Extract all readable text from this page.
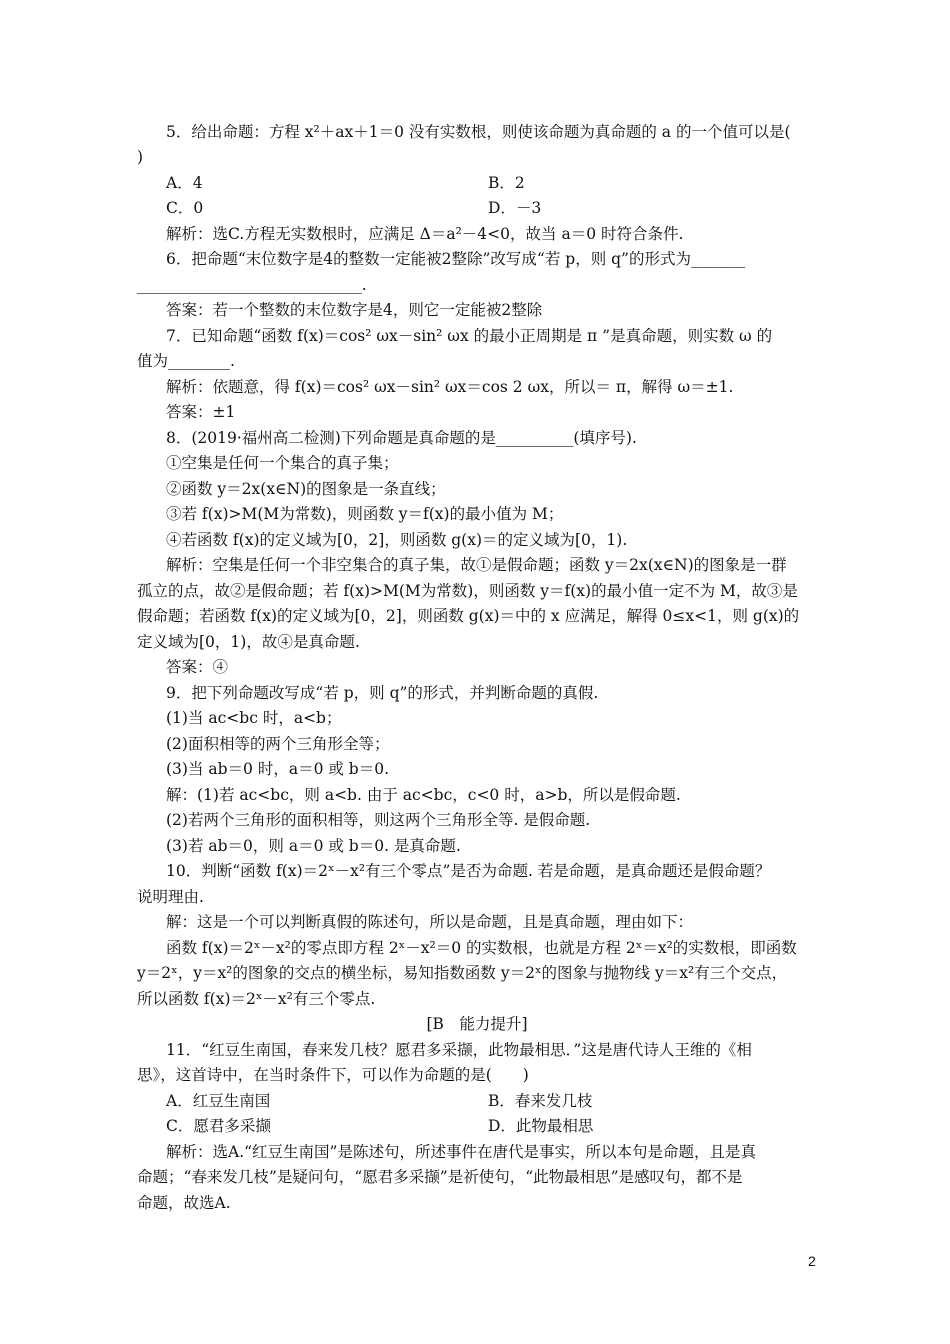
5．给出命题：方程 x²＋ax＋1＝0 没有实数根，则使该命题为真命题的 a 的一个值可以是(
)
A．4	B．2
C．0	D．－3
解析：选C.方程无实数根时，应满足 Δ＝a²－4<0，故当 a＝0 时符合条件.
6．把命题“末位数字是4的整数一定能被2整除”改写成“若 p，则 q”的形式为_______
_____________________________.
答案：若一个整数的末位数字是4，则它一定能被2整除
7．已知命题“函数 f(x)＝cos² ωx－sin² ωx 的最小正周期是 π ”是真命题，则实数 ω 的
值为________.
解析：依题意，得 f(x)＝cos² ωx－sin² ωx＝cos 2 ωx，所以＝ π，解得 ω＝±1.
答案：±1
8．(2019·福州高二检测)下列命题是真命题的是__________(填序号).
①空集是任何一个集合的真子集；
②函数 y＝2x(x∈N)的图象是一条直线；
③若 f(x)>M(M为常数)，则函数 y＝f(x)的最小值为 M；
④若函数 f(x)的定义域为[0，2]，则函数 g(x)＝的定义域为[0，1).
解析：空集是任何一个非空集合的真子集，故①是假命题；函数 y＝2x(x∈N)的图象是一群
孤立的点，故②是假命题；若 f(x)>M(M为常数)，则函数 y＝f(x)的最小值一定不为 M，故③是
假命题；若函数 f(x)的定义域为[0，2]，则函数 g(x)＝中的 x 应满足，解得 0≤x<1，则 g(x)的
定义域为[0，1)，故④是真命题.
答案：④
9．把下列命题改写成“若 p，则 q”的形式，并判断命题的真假.
(1)当 ac<bc 时，a<b；
(2)面积相等的两个三角形全等；
(3)当 ab＝0 时，a＝0 或 b＝0.
解：(1)若 ac<bc，则 a<b. 由于 ac<bc，c<0 时，a>b，所以是假命题.
(2)若两个三角形的面积相等，则这两个三角形全等. 是假命题.
(3)若 ab＝0，则 a＝0 或 b＝0. 是真命题.
10．判断“函数 f(x)＝2ˣ－x²有三个零点”是否为命题. 若是命题，是真命题还是假命题？
说明理由.
解：这是一个可以判断真假的陈述句，所以是命题，且是真命题，理由如下：
函数 f(x)＝2ˣ－x²的零点即方程 2ˣ－x²＝0 的实数根，也就是方程 2ˣ＝x²的实数根，即函数
y＝2ˣ，y＝x²的图象的交点的横坐标，易知指数函数 y＝2ˣ的图象与抛物线 y＝x²有三个交点，
所以函数 f(x)＝2ˣ－x²有三个零点.
[B　能力提升]
11．“红豆生南国，春来发几枝？愿君多采撷，此物最相思．”这是唐代诗人王维的《相
思》，这首诗中，在当时条件下，可以作为命题的是(　　)
A．红豆生南国	B．春来发几枝
C．愿君多采撷	D．此物最相思
解析：选A.“红豆生南国”是陈述句，所述事件在唐代是事实，所以本句是命题，且是真
命题；“春来发几枝”是疑问句，“愿君多采撷”是祈使句，“此物最相思”是感叹句，都不是
命题，故选A.
2
